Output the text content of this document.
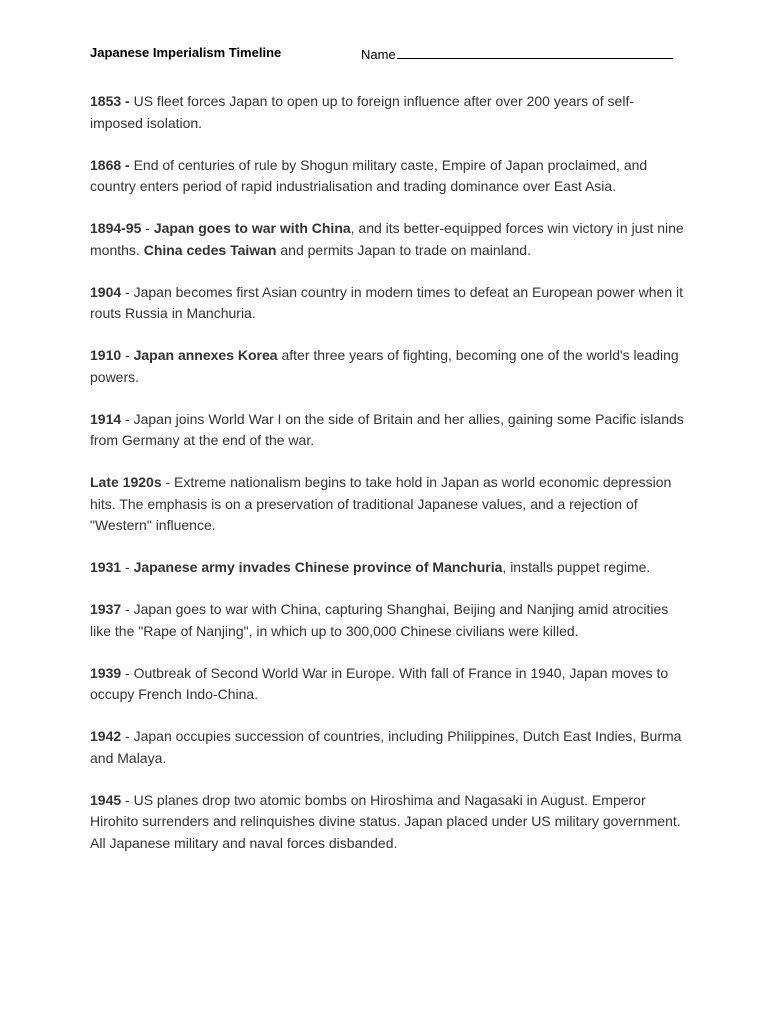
Japanese Imperialism Timeline	Name

1853 - US fleet forces Japan to open up to foreign influence after over 200 years of self-imposed isolation.

1868 - End of centuries of rule by Shogun military caste, Empire of Japan proclaimed, and country enters period of rapid industrialisation and trading dominance over East Asia.

1894-95 - Japan goes to war with China, and its better-equipped forces win victory in just nine months. China cedes Taiwan and permits Japan to trade on mainland.

1904 - Japan becomes first Asian country in modern times to defeat an European power when it routs Russia in Manchuria.

1910 - Japan annexes Korea after three years of fighting, becoming one of the world's leading powers.

1914 - Japan joins World War I on the side of Britain and her allies, gaining some Pacific islands from Germany at the end of the war.

Late 1920s - Extreme nationalism begins to take hold in Japan as world economic depression hits. The emphasis is on a preservation of traditional Japanese values, and a rejection of "Western" influence.

1931 - Japanese army invades Chinese province of Manchuria, installs puppet regime.

1937 - Japan goes to war with China, capturing Shanghai, Beijing and Nanjing amid atrocities like the "Rape of Nanjing", in which up to 300,000 Chinese civilians were killed.

1939 - Outbreak of Second World War in Europe. With fall of France in 1940, Japan moves to occupy French Indo-China.

1942 - Japan occupies succession of countries, including Philippines, Dutch East Indies, Burma and Malaya.

1945 - US planes drop two atomic bombs on Hiroshima and Nagasaki in August. Emperor Hirohito surrenders and relinquishes divine status. Japan placed under US military government. All Japanese military and naval forces disbanded.
